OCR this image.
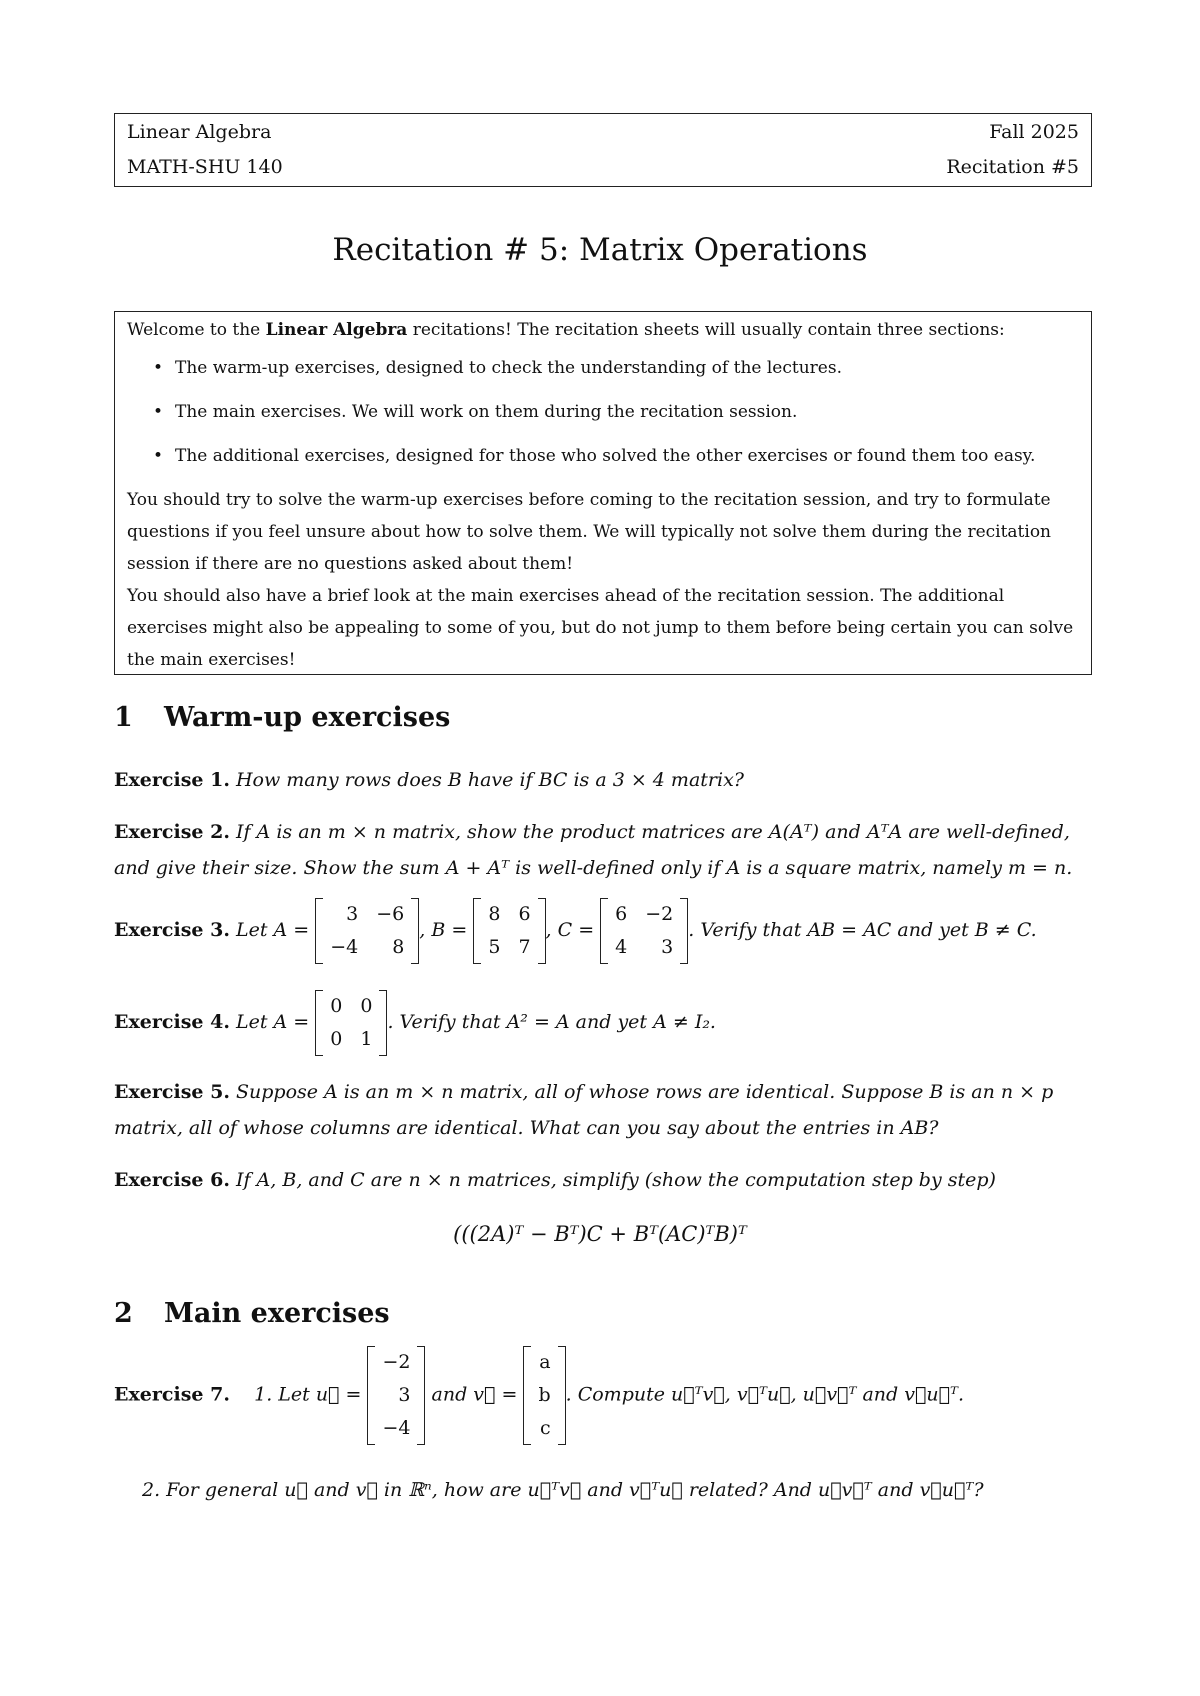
Linear Algebra	Fall 2025
MATH-SHU 140	Recitation #5
Recitation # 5: Matrix Operations

Welcome to the Linear Algebra recitations! The recitation sheets will usually contain three sections:

• The warm-up exercises, designed to check the understanding of the lectures.
• The main exercises. We will work on them during the recitation session.
• The additional exercises, designed for those who solved the other exercises or found them too easy.

You should try to solve the warm-up exercises before coming to the recitation session, and try to formulate questions if you feel unsure about how to solve them. We will typically not solve them during the recitation session if there are no questions asked about them!

You should also have a brief look at the main exercises ahead of the recitation session. The additional exercises might also be appealing to some of you, but do not jump to them before being certain you can solve the main exercises!

1 Warm-up exercises
Exercise 1. How many rows does B have if BC is a 3 × 4 matrix?
Exercise 2. If A is an m × n matrix, show the product matrices are A(Aᵀ) and AᵀA are well-defined,
and give their size. Show the sum A + Aᵀ is well-defined only if A is a square matrix, namely m = n.
Exercise 3. Let A =
3	−6
−4	8
, B =
8	6
5	7
, C =
6	−2
4	3
. Verify that AB = AC and yet B ≠ C.
Exercise 4. Let A =
0	0
0	1
. Verify that A² = A and yet A ≠ I₂.
Exercise 5. Suppose A is an m × n matrix, all of whose rows are identical. Suppose B is an n × p
matrix, all of whose columns are identical. What can you say about the entries in AB?
Exercise 6. If A, B, and C are n × n matrices, simplify (show the computation step by step)
(((2A)ᵀ − Bᵀ)C + Bᵀ(AC)ᵀB)ᵀ
2 Main exercises
Exercise 7. 1. Let u⃗ =
−2
3
−4
and v⃗ =
a
b
c
. Compute u⃗ᵀv⃗, v⃗ᵀu⃗, u⃗v⃗ᵀ and v⃗u⃗ᵀ.
2. For general u⃗ and v⃗ in ℝⁿ, how are u⃗ᵀv⃗ and v⃗ᵀu⃗ related? And u⃗v⃗ᵀ and v⃗u⃗ᵀ?
